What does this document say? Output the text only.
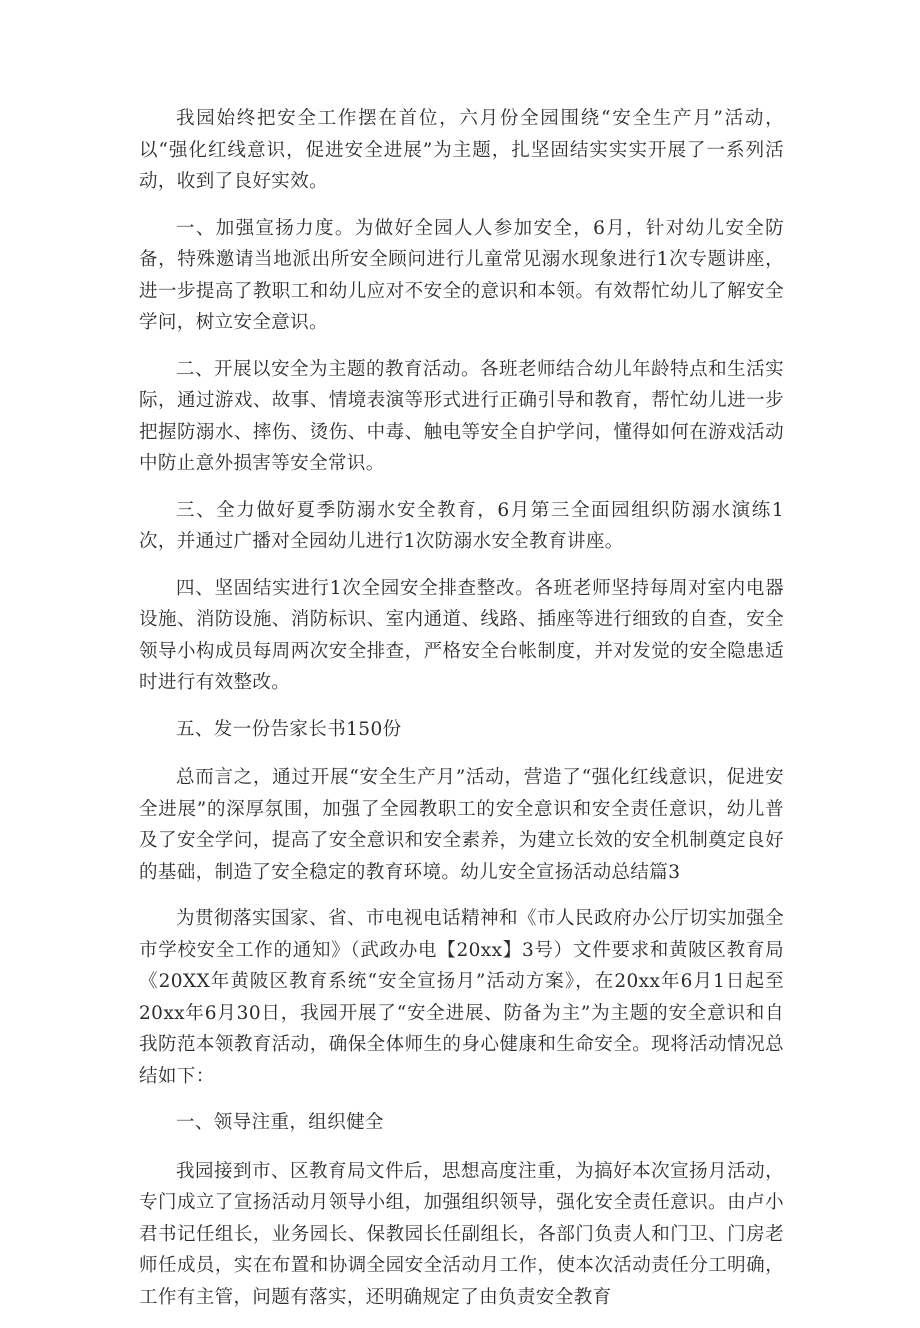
我园始终把安全工作摆在首位，六月份全园围绕“安全生产月”活动，以“强化红线意识，促进安全进展”为主题，扎坚固结实实实开展了一系列活动，收到了良好实效。

一、加强宣扬力度。为做好全园人人参加安全，6月，针对幼儿安全防备，特殊邀请当地派出所安全顾问进行儿童常见溺水现象进行1次专题讲座，进一步提高了教职工和幼儿应对不安全的意识和本领。有效帮忙幼儿了解安全学问，树立安全意识。

二、开展以安全为主题的教育活动。各班老师结合幼儿年龄特点和生活实际，通过游戏、故事、情境表演等形式进行正确引导和教育，帮忙幼儿进一步把握防溺水、摔伤、烫伤、中毒、触电等安全自护学问，懂得如何在游戏活动中防止意外损害等安全常识。

三、全力做好夏季防溺水安全教育，6月第三全面园组织防溺水演练1次，并通过广播对全园幼儿进行1次防溺水安全教育讲座。

四、坚固结实进行1次全园安全排查整改。各班老师坚持每周对室内电器设施、消防设施、消防标识、室内通道、线路、插座等进行细致的自查，安全领导小构成员每周两次安全排查，严格安全台帐制度，并对发觉的安全隐患适时进行有效整改。

五、发一份告家长书150份

总而言之，通过开展“安全生产月”活动，营造了“强化红线意识，促进安全进展”的深厚氛围，加强了全园教职工的安全意识和安全责任意识，幼儿普及了安全学问，提高了安全意识和安全素养，为建立长效的安全机制奠定良好的基础，制造了安全稳定的教育环境。幼儿安全宣扬活动总结篇3

为贯彻落实国家、省、市电视电话精神和《市人民政府办公厅切实加强全市学校安全工作的通知》（武政办电【20xx】3号）文件要求和黄陂区教育局《20XX年黄陂区教育系统“安全宣扬月”活动方案》，在20xx年6月1日起至20xx年6月30日，我园开展了“安全进展、防备为主”为主题的安全意识和自我防范本领教育活动，确保全体师生的身心健康和生命安全。现将活动情况总结如下：

一、领导注重，组织健全

我园接到市、区教育局文件后，思想高度注重，为搞好本次宣扬月活动，专门成立了宣扬活动月领导小组，加强组织领导，强化安全责任意识。由卢小君书记任组长，业务园长、保教园长任副组长，各部门负责人和门卫、门房老师任成员，实在布置和协调全园安全活动月工作，使本次活动责任分工明确，工作有主管，问题有落实，还明确规定了由负责安全教育
